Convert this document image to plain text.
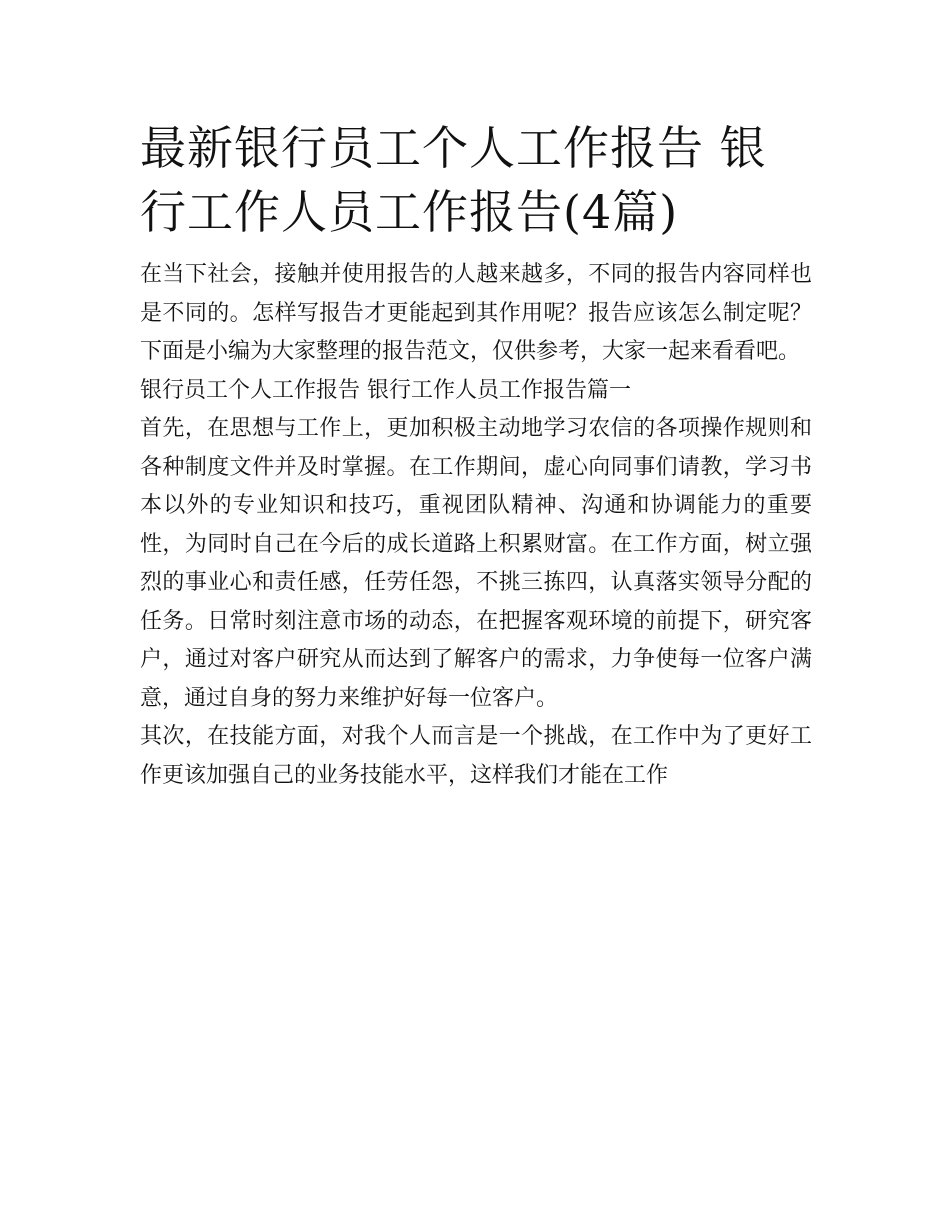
最新银行员工个人工作报告 银行工作人员工作报告(4篇)

在当下社会，接触并使用报告的人越来越多，不同的报告内容同样也是不同的。怎样写报告才更能起到其作用呢？报告应该怎么制定呢？下面是小编为大家整理的报告范文，仅供参考，大家一起来看看吧。

银行员工个人工作报告 银行工作人员工作报告篇一

首先，在思想与工作上，更加积极主动地学习农信的各项操作规则和各种制度文件并及时掌握。在工作期间，虚心向同事们请教，学习书本以外的专业知识和技巧，重视团队精神、沟通和协调能力的重要性，为同时自己在今后的成长道路上积累财富。在工作方面，树立强烈的事业心和责任感，任劳任怨，不挑三拣四，认真落实领导分配的任务。日常时刻注意市场的动态，在把握客观环境的前提下，研究客户，通过对客户研究从而达到了解客户的需求，力争使每一位客户满意，通过自身的努力来维护好每一位客户。

其次，在技能方面，对我个人而言是一个挑战，在工作中为了更好工作更该加强自己的业务技能水平，这样我们才能在工作
